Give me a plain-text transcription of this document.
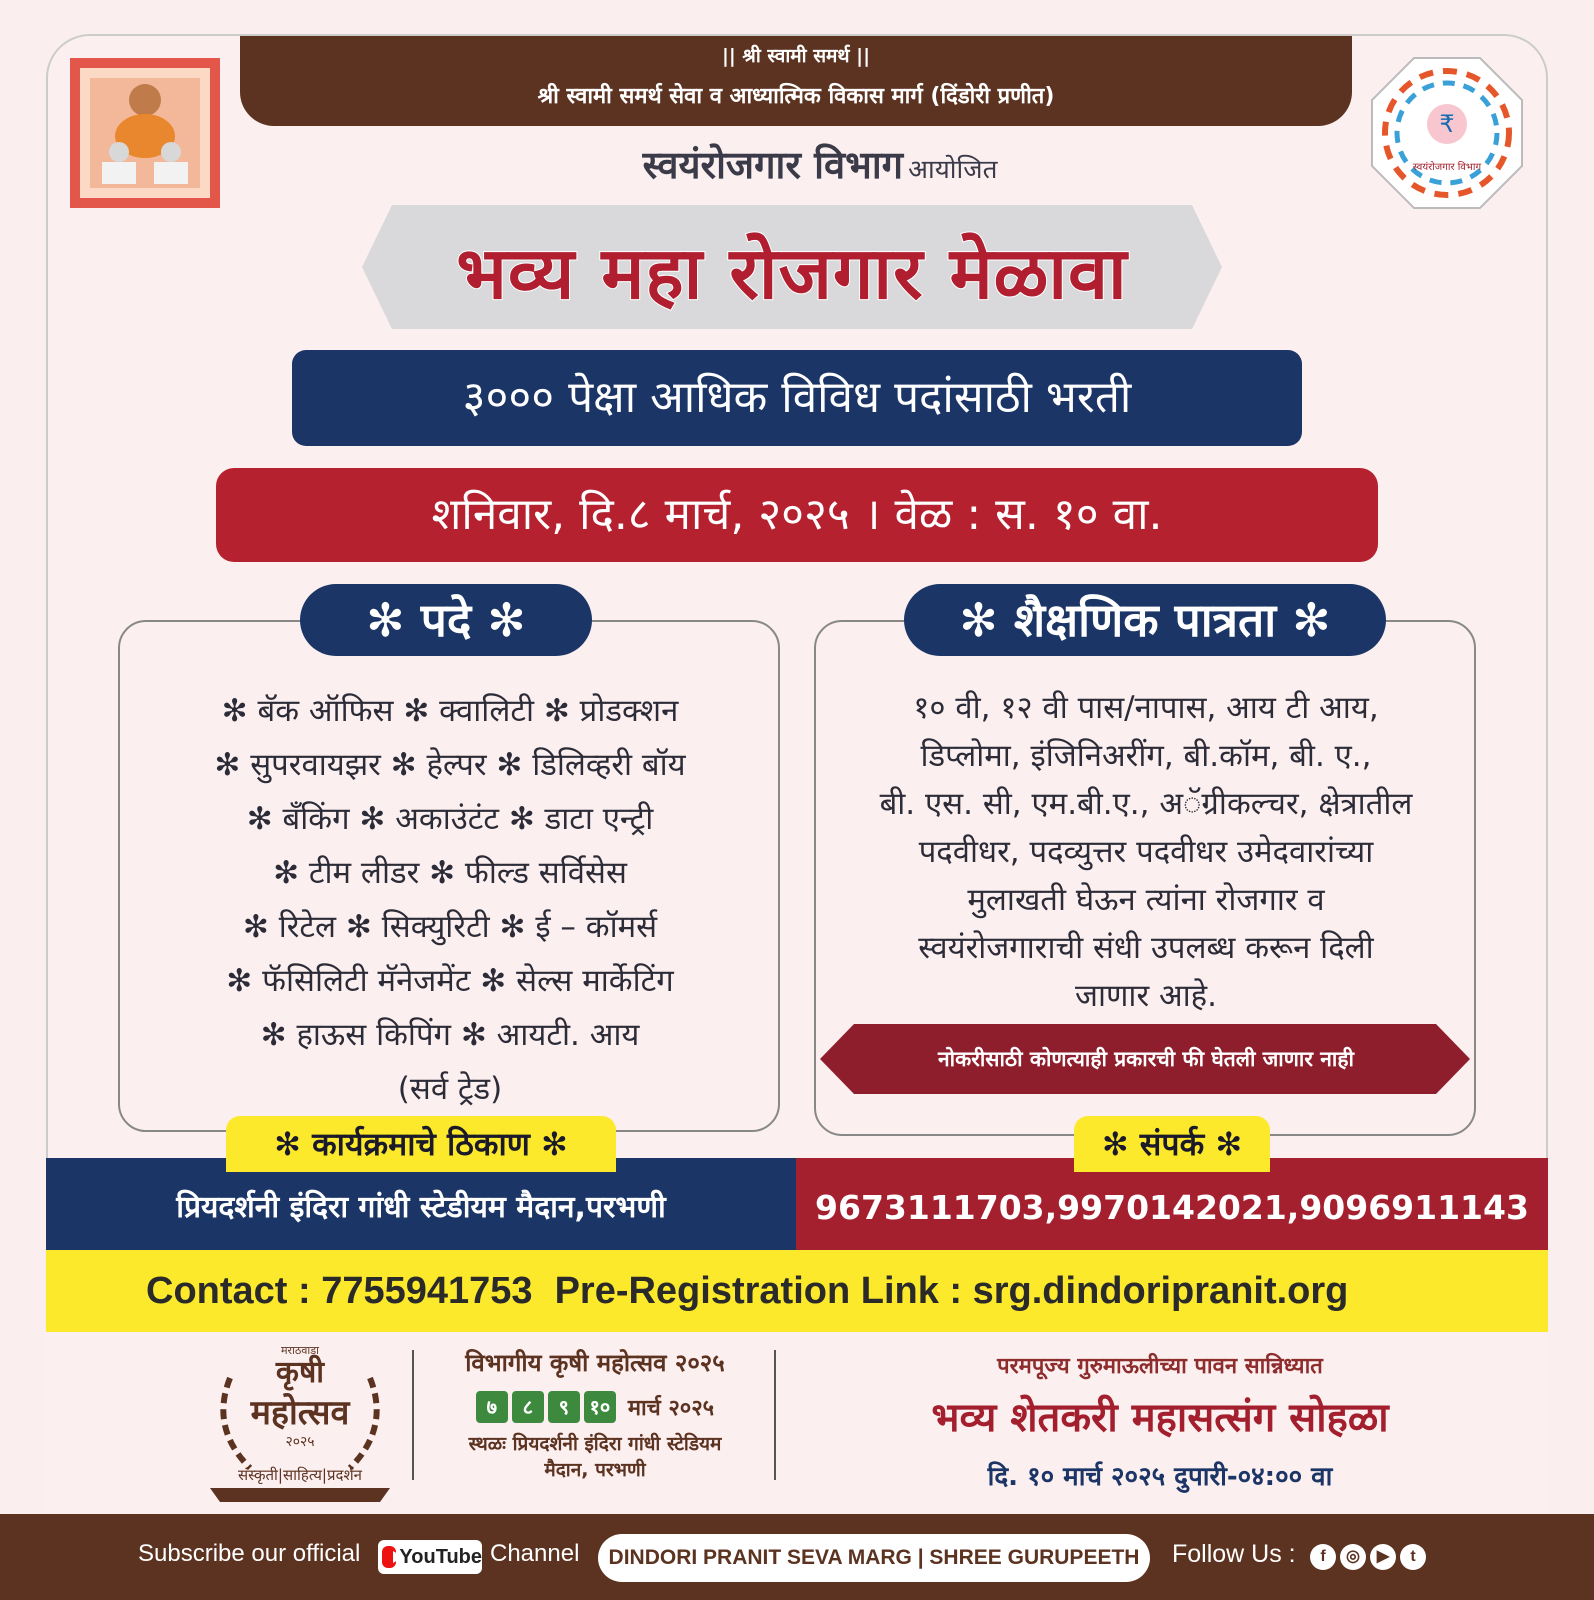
|| श्री स्वामी समर्थ ||
श्री स्वामी समर्थ सेवा व आध्यात्मिक विकास मार्ग (दिंडोरी प्रणीत)
₹
स्वयंरोजगार विभाग
स्वयंरोजगार विभाग आयोजित
भव्य महा रोजगार मेळावा
३००० पेक्षा आधिक विविध पदांसाठी भरती
शनिवार, दि.८ मार्च, २०२५ । वेळ : स. १० वा.
✻ पदे ✻	✻ शैक्षणिक पात्रता ✻
✻ बॅक ऑफिस ✻ क्वालिटी ✻ प्रोडक्शन
✻ सुपरवायझर ✻ हेल्पर ✻ डिलिव्हरी बॉय
✻ बँकिंग ✻ अकाउंटंट ✻ डाटा एन्ट्री
✻ टीम लीडर ✻ फील्ड सर्विसेस
✻ रिटेल ✻ सिक्युरिटी ✻ ई – कॉमर्स
✻ फॅसिलिटी मॅनेजमेंट ✻ सेल्स मार्केटिंग
✻ हाऊस किपिंग ✻ आयटी. आय
(सर्व ट्रेड)
१० वी, १२ वी पास/नापास, आय टी आय,
डिप्लोमा, इंजिनिअरींग, बी.कॉम, बी. ए.,
बी. एस. सी, एम.बी.ए., अॅग्रीकल्चर, क्षेत्रातील
पदवीधर, पदव्युत्तर पदवीधर उमेदवारांच्या
मुलाखती घेऊन त्यांना रोजगार व
स्वयंरोजगाराची संधी उपलब्ध करून दिली
जाणार आहे.
नोकरीसाठी कोणत्याही प्रकारची फी घेतली जाणार नाही
प्रियदर्शनी इंदिरा गांधी स्टेडीयम मैदान,परभणी	9673111703,9970142021,9096911143
✻ कार्यक्रमाचे ठिकाण ✻	✻ संपर्क ✻
Contact : 7755941753 Pre-Registration Link : srg.dindoripranit.org
मराठवाडा
कृषी
महोत्सव
२०२५
संस्कृती|साहित्य|प्रदर्शन
विभागीय कृषी महोत्सव २०२५
७	८	९	१० मार्च २०२५
स्थळः प्रियदर्शनी इंदिरा गांधी स्टेडियम
मैदान, परभणी
परमपूज्य गुरुमाऊलीच्या पावन सान्निध्यात
भव्य शेतकरी महासत्संग सोहळा
दि. १० मार्च २०२५ दुपारी-०४:०० वा
Subscribe our official YouTube Channel	DINDORI PRANIT SEVA MARG | SHREE GURUPEETH	Follow Us :	f	◎	▶	t
